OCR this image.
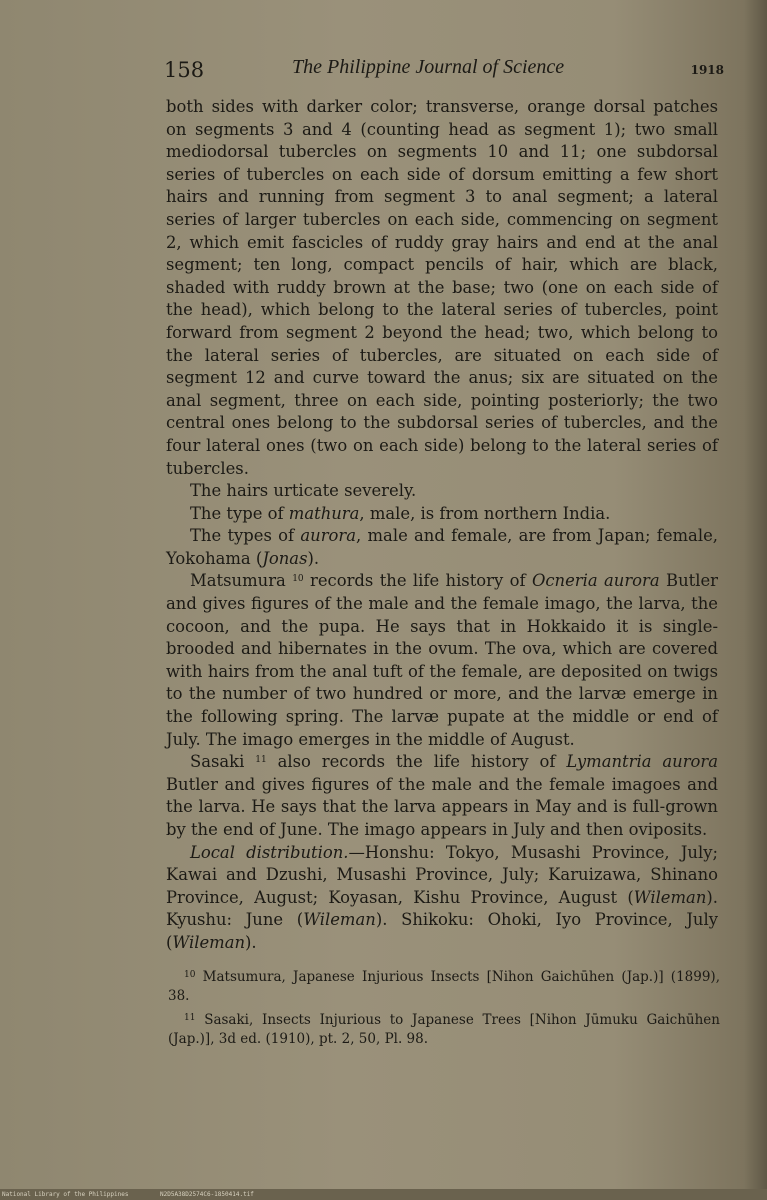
158	The Philippine Journal of Science	1918

both sides with darker color; transverse, orange dorsal patches on segments 3 and 4 (counting head as segment 1); two small mediodorsal tubercles on segments 10 and 11; one subdorsal series of tubercles on each side of dorsum emitting a few short hairs and running from segment 3 to anal segment; a lateral series of larger tubercles on each side, commencing on segment 2, which emit fascicles of ruddy gray hairs and end at the anal segment; ten long, compact pencils of hair, which are black, shaded with ruddy brown at the base; two (one on each side of the head), which belong to the lateral series of tubercles, point forward from segment 2 beyond the head; two, which belong to the lateral series of tubercles, are situated on each side of segment 12 and curve toward the anus; six are situated on the anal segment, three on each side, pointing posteriorly; the two central ones belong to the subdorsal series of tubercles, and the four lateral ones (two on each side) belong to the lateral series of tubercles.

The hairs urticate severely.

The type of mathura, male, is from northern India.

The types of aurora, male and female, are from Japan; female, Yokohama (Jonas).

Matsumura $^{10}$ records the life history of Ocneria aurora Butler and gives figures of the male and the female imago, the larva, the cocoon, and the pupa. He says that in Hokkaido it is single-brooded and hibernates in the ovum. The ova, which are covered with hairs from the anal tuft of the female, are deposited on twigs to the number of two hundred or more, and the larvæ emerge in the following spring. The larvæ pupate at the middle or end of July. The imago emerges in the middle of August.

Sasaki $^{11}$ also records the life history of Lymantria aurora Butler and gives figures of the male and the female imagoes and the larva. He says that the larva appears in May and is full-grown by the end of June. The imago appears in July and then oviposits.

Local distribution.—Honshu: Tokyo, Musashi Province, July; Kawai and Dzushi, Musashi Province, July; Karuizawa, Shinano Province, August; Koyasan, Kishu Province, August (Wileman). Kyushu: June (Wileman). Shikoku: Ohoki, Iyo Province, July (Wileman).

$^{10}$ Matsumura, Japanese Injurious Insects [Nihon Gaichūhen (Jap.)] (1899), 38.

$^{11}$ Sasaki, Insects Injurious to Japanese Trees [Nihon Jūmuku Gaichūhen (Jap.)], 3d ed. (1910), pt. 2, 50, Pl. 98.

National Library of the Philippines	N2D5A38D2574C6-1850414.tif
